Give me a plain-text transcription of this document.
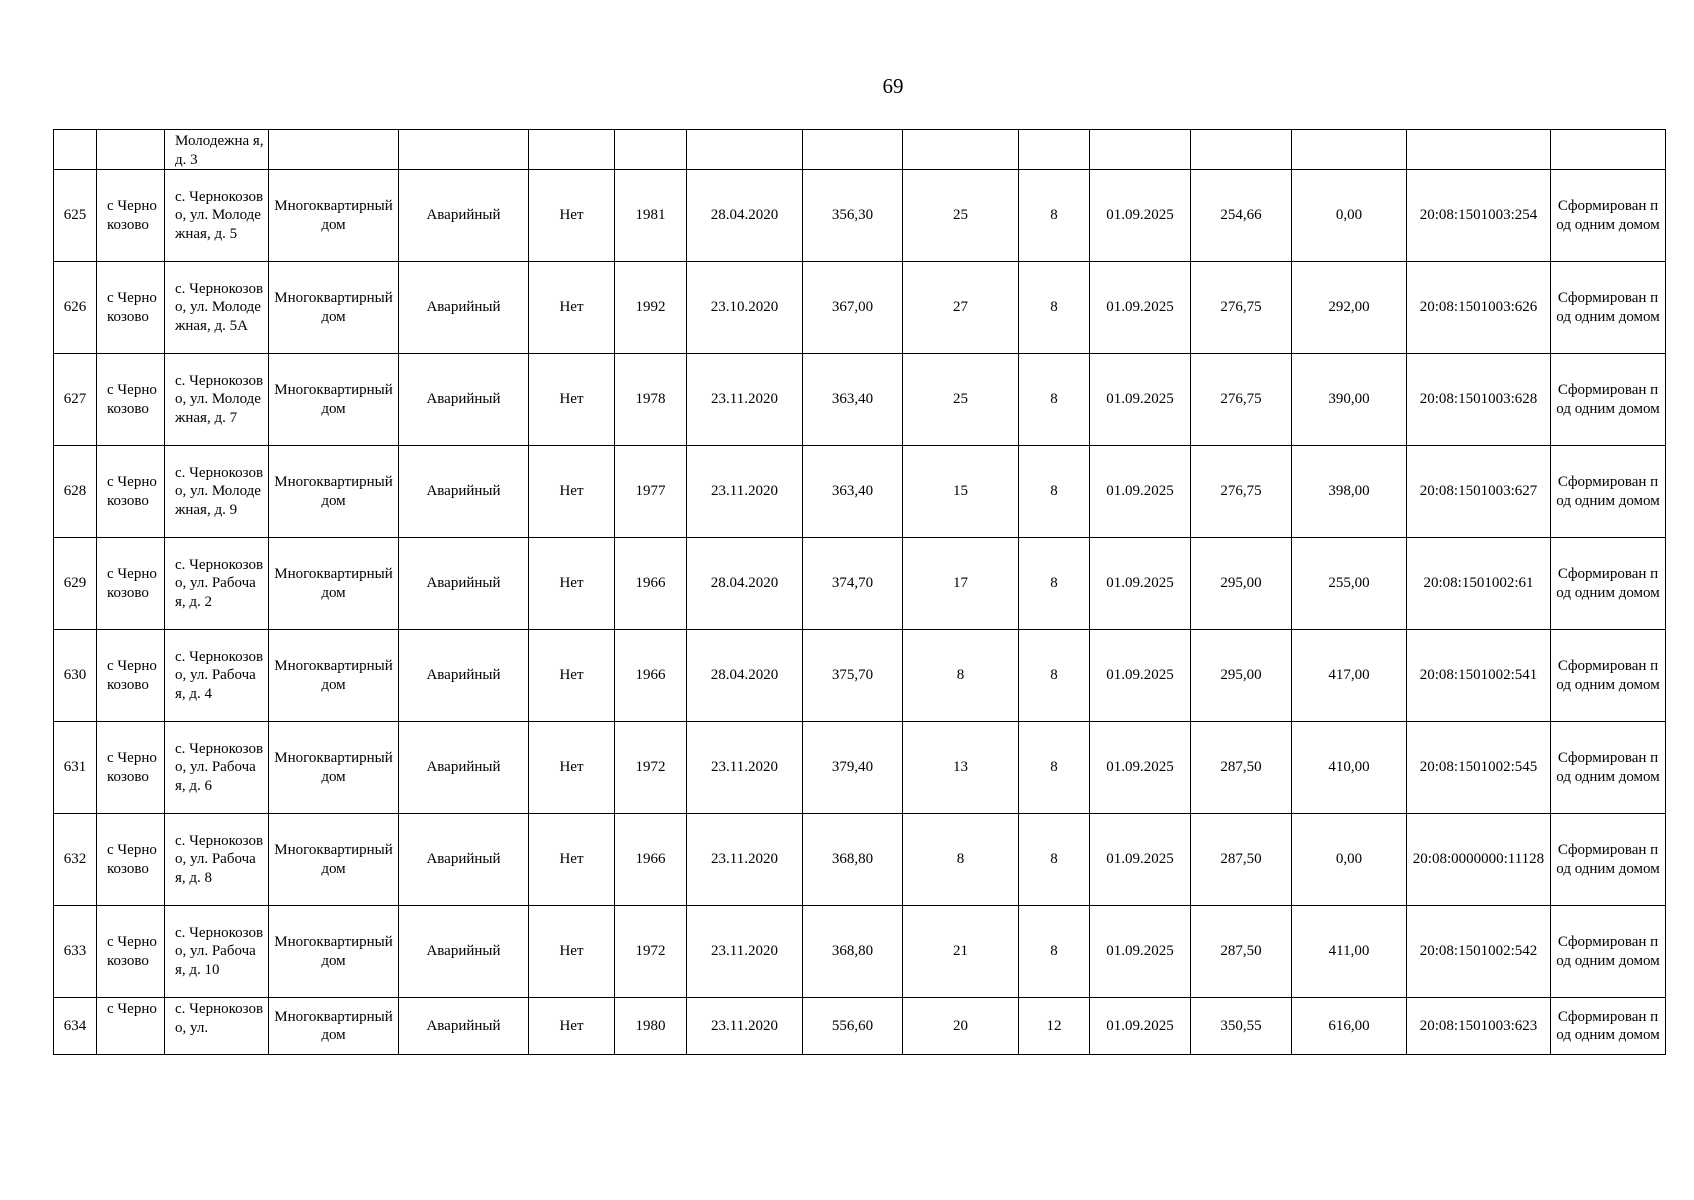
69
		Молодежна я, д. 3													
625	с Чернокозово	с. Чернокозово, ул. Молодежная, д. 5	Многоквартирный дом	Аварийный	Нет	1981	28.04.2020	356,30	25	8	01.09.2025	254,66	0,00	20:08:1501003:254	Сформирован под одним домом
626	с Чернокозово	с. Чернокозово, ул. Молодежная, д. 5А	Многоквартирный дом	Аварийный	Нет	1992	23.10.2020	367,00	27	8	01.09.2025	276,75	292,00	20:08:1501003:626	Сформирован под одним домом
627	с Чернокозово	с. Чернокозово, ул. Молодежная, д. 7	Многоквартирный дом	Аварийный	Нет	1978	23.11.2020	363,40	25	8	01.09.2025	276,75	390,00	20:08:1501003:628	Сформирован под одним домом
628	с Чернокозово	с. Чернокозово, ул. Молодежная, д. 9	Многоквартирный дом	Аварийный	Нет	1977	23.11.2020	363,40	15	8	01.09.2025	276,75	398,00	20:08:1501003:627	Сформирован под одним домом
629	с Чернокозово	с. Чернокозово, ул. Рабочая, д. 2	Многоквартирный дом	Аварийный	Нет	1966	28.04.2020	374,70	17	8	01.09.2025	295,00	255,00	20:08:1501002:61	Сформирован под одним домом
630	с Чернокозово	с. Чернокозово, ул. Рабочая, д. 4	Многоквартирный дом	Аварийный	Нет	1966	28.04.2020	375,70	8	8	01.09.2025	295,00	417,00	20:08:1501002:541	Сформирован под одним домом
631	с Чернокозово	с. Чернокозово, ул. Рабочая, д. 6	Многоквартирный дом	Аварийный	Нет	1972	23.11.2020	379,40	13	8	01.09.2025	287,50	410,00	20:08:1501002:545	Сформирован под одним домом
632	с Чернокозово	с. Чернокозово, ул. Рабочая, д. 8	Многоквартирный дом	Аварийный	Нет	1966	23.11.2020	368,80	8	8	01.09.2025	287,50	0,00	20:08:0000000:11128	Сформирован под одним домом
633	с Чернокозово	с. Чернокозово, ул. Рабочая, д. 10	Многоквартирный дом	Аварийный	Нет	1972	23.11.2020	368,80	21	8	01.09.2025	287,50	411,00	20:08:1501002:542	Сформирован под одним домом
634	с Черно	с. Чернокозово, ул.	Многоквартирный дом	Аварийный	Нет	1980	23.11.2020	556,60	20	12	01.09.2025	350,55	616,00	20:08:1501003:623	Сформирован под одним домом
